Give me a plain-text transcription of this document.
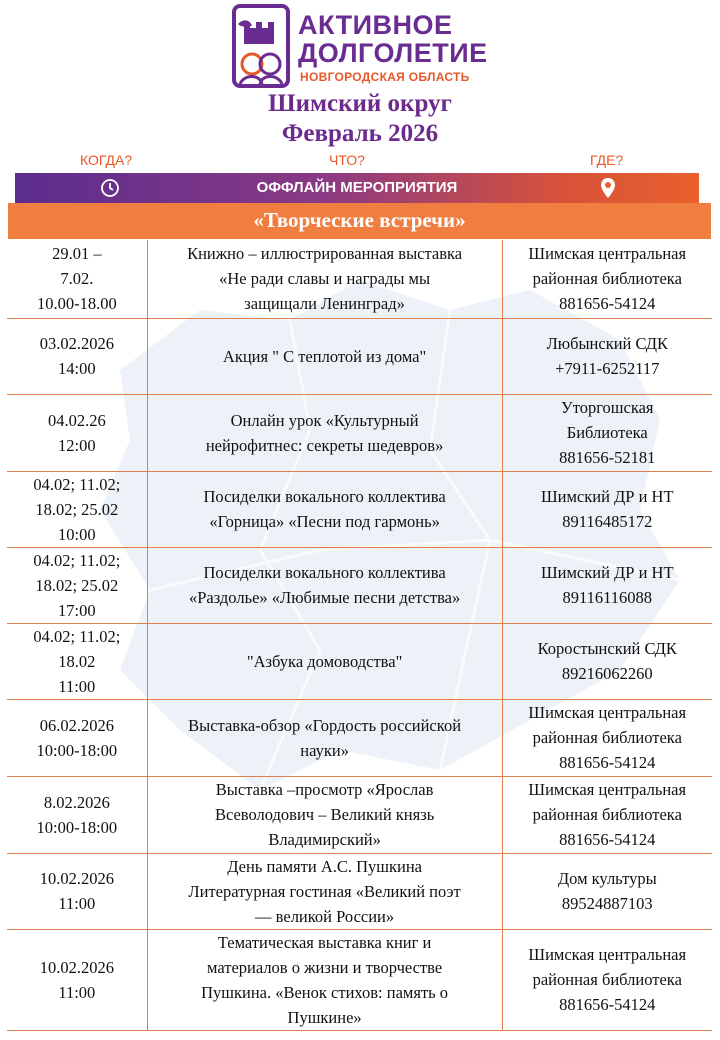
АКТИВНОЕ
ДОЛГОЛЕТИЕ
НОВГОРОДСКАЯ ОБЛАСТЬ
Шимский округ
Февраль 2026
КОГДА?	ЧТО?	ГДЕ?
ОФФЛАЙН МЕРОПРИЯТИЯ
«Творческие встречи»
29.01 –
7.02.
10.00-18.00	Книжно – иллюстрированная выставка
«Не ради славы и награды мы
защищали Ленинград»	Шимская центральная
районная библиотека
881656-54124
03.02.2026
14:00	Акция " С теплотой из дома"	Любынский СДК
+7911-6252117
04.02.26
12:00	Онлайн урок «Культурный
нейрофитнес: секреты шедевров»	Уторгошская
Библиотека
881656-52181
04.02; 11.02;
18.02; 25.02
10:00	Посиделки вокального коллектива
«Горница» «Песни под гармонь»	Шимский ДР и НТ
89116485172
04.02; 11.02;
18.02; 25.02
17:00	Посиделки вокального коллектива
«Раздолье» «Любимые песни детства»	Шимский ДР и НТ
89116116088
04.02; 11.02;
18.02
11:00	"Азбука домоводства"	Коростынский СДК
89216062260
06.02.2026
10:00-18:00	Выставка-обзор «Гордость российской
науки»	Шимская центральная
районная библиотека
881656-54124
8.02.2026
10:00-18:00	Выставка –просмотр «Ярослав
Всеволодович – Великий князь
Владимирский»	Шимская центральная
районная библиотека
881656-54124
10.02.2026
11:00	День памяти А.С. Пушкина
Литературная гостиная «Великий поэт
— великой России»	Дом культуры
89524887103
10.02.2026
11:00	Тематическая выставка книг и
материалов о жизни и творчестве
Пушкина. «Венок стихов: память о
Пушкине»	Шимская центральная
районная библиотека
881656-54124
